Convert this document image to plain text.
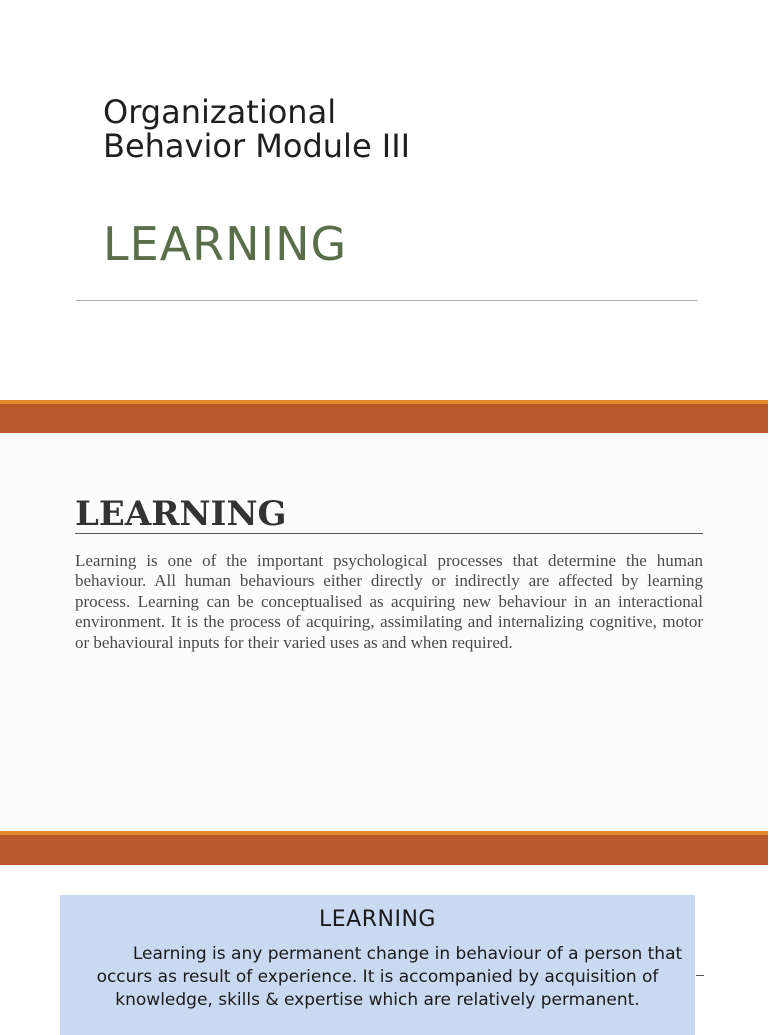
Organizational Behavior Module III
LEARNING
LEARNING

Learning is one of the important psychological processes that determine the human behaviour. All human behaviours either directly or indirectly are affected by learning process. Learning can be conceptualised as acquiring new behaviour in an interactional environment. It is the process of acquiring, assimilating and internalizing cognitive, motor or behavioural inputs for their varied uses as and when required.

LEARNING

Learning is any permanent change in behaviour of a person that occurs as result of experience. It is accompanied by acquisition of knowledge, skills & expertise which are relatively permanent.
